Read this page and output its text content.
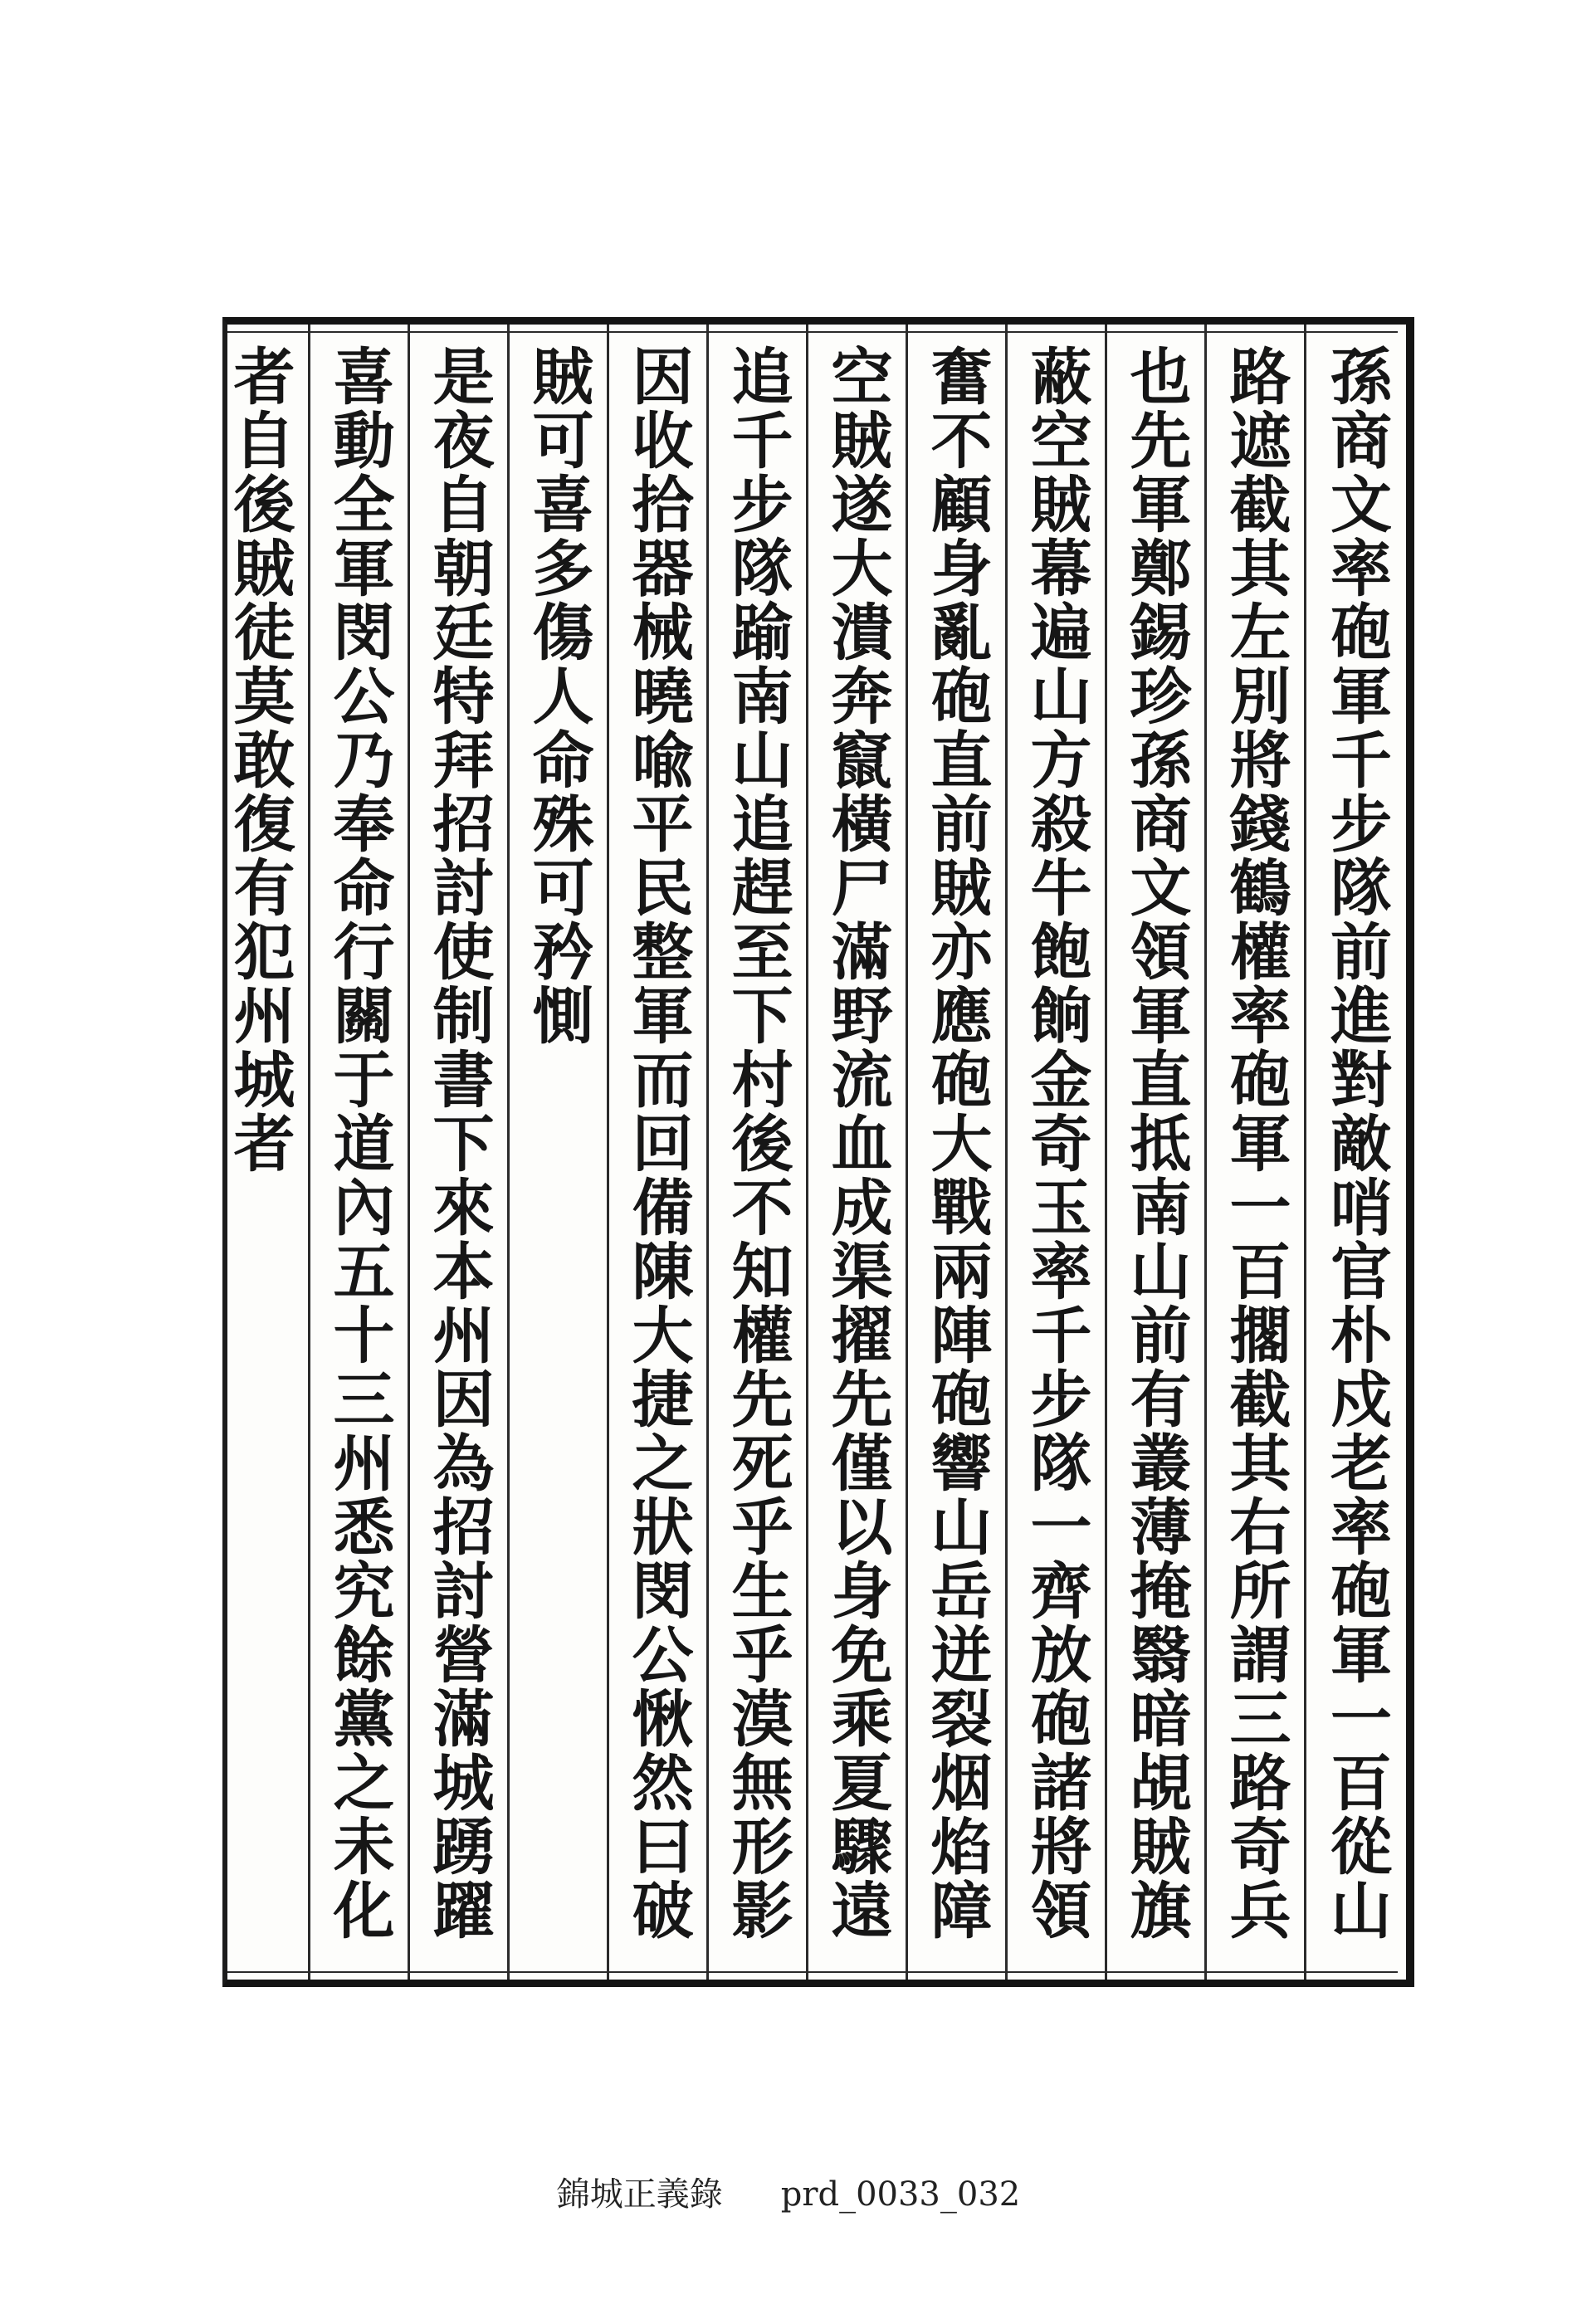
孫商文率砲軍千步隊前進對敵哨官朴戍老率砲軍一百從山
路遮截其左別將錢鶴權率砲軍一百擱截其右所謂三路奇兵
也先軍鄭錫珍孫商文領軍直抵南山前有叢薄掩翳暗覘賊旗
蔽空賊幕遍山方殺牛飽餉金奇玉率千步隊一齊放砲諸將領
奮不顧身亂砲直前賊亦應砲大戰兩陣砲響山岳迸裂烟焰障
空賊遂大潰奔竄橫尸滿野流血成渠擢先僅以身免乘夏驟遠
追千步隊踰南山追趕至下村後不知權先死乎生乎漠無形影
因收拾器械曉喩平民整軍而回備陳大捷之狀閔公愀然曰破
賊可喜多傷人命殊可矜惻
是夜自朝廷特拜招討使制書下來本州因為招討營滿城踴躍
喜動全軍閔公乃奉命行關于道內五十三州悉究餘黨之未化
者自後賊徒莫敢復有犯州城者
錦城正義錄 prd_0033_032
